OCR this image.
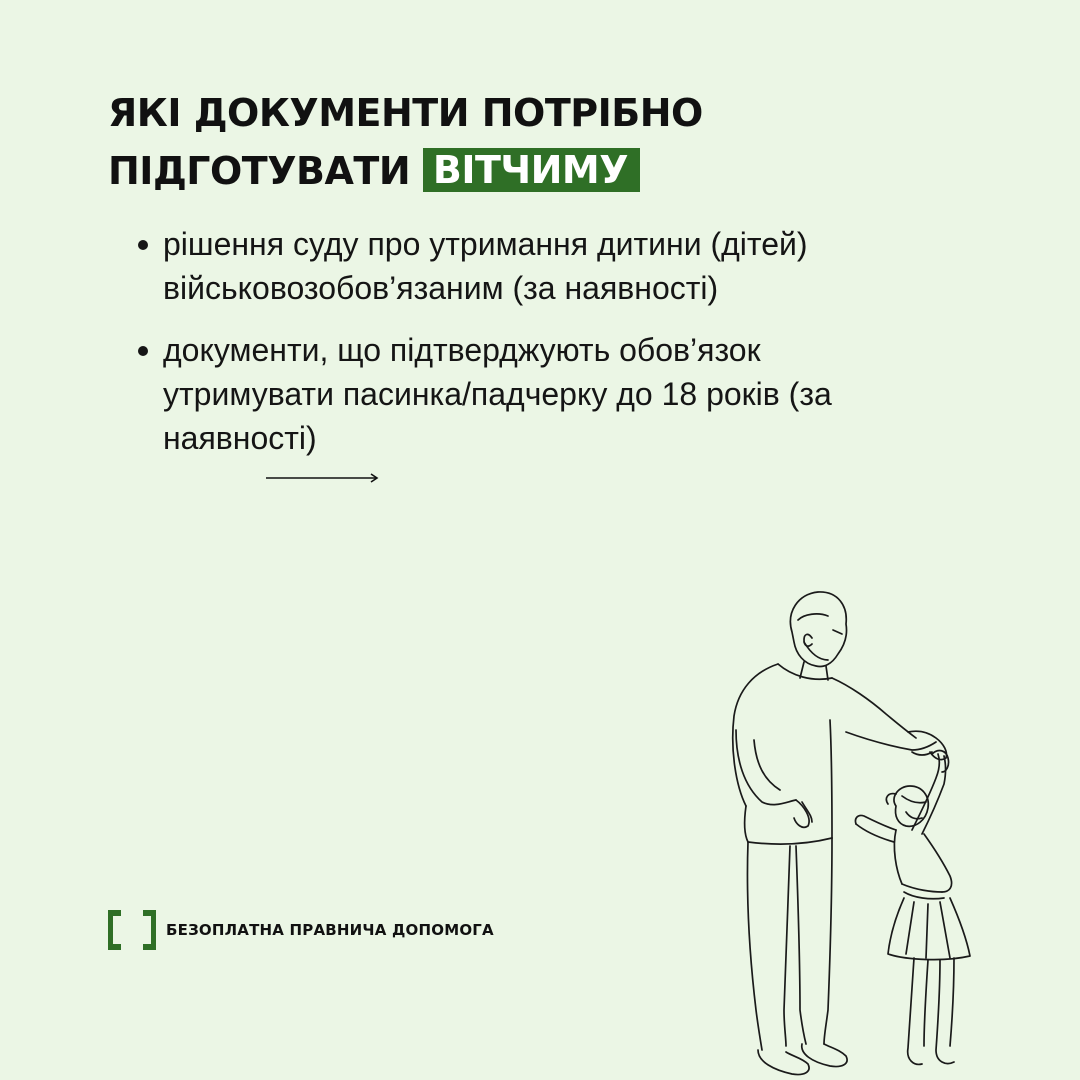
ЯКІ ДОКУМЕНТИ ПОТРІБНО
ПІДГОТУВАТИ ВІТЧИМУ
рішення суду про утримання дитини (дітей) військовозобов’язаним (за наявності)
документи, що підтверджують обов’язок утримувати пасинка/падчерку до 18 років (за наявності)
БЕЗОПЛАТНА ПРАВНИЧА ДОПОМОГА
